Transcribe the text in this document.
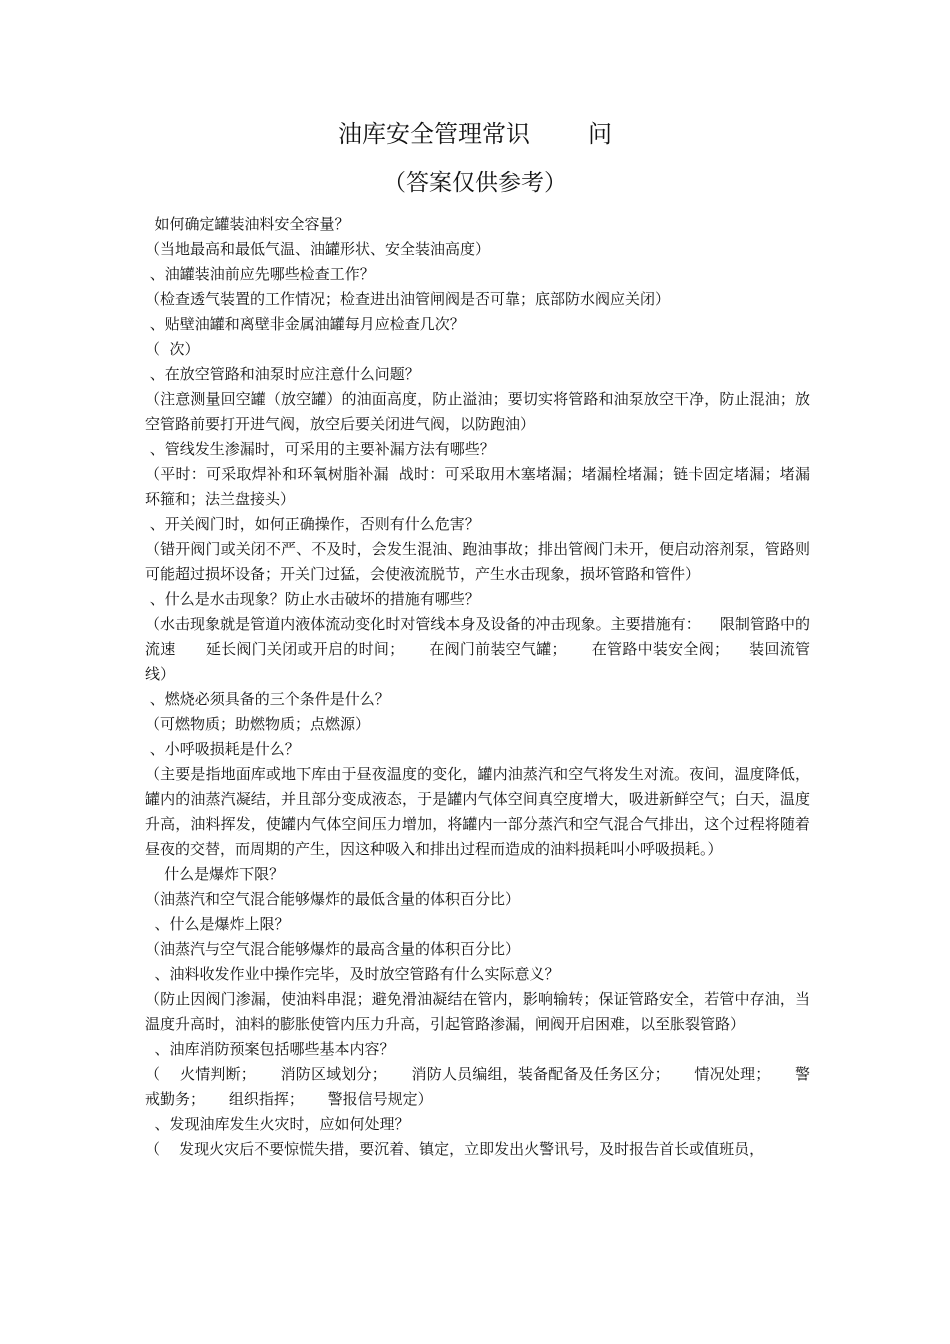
油库安全管理常识 问
（答案仅供参考）

如何确定罐装油料安全容量？

（当地最高和最低气温、油罐形状、安全装油高度）

、油罐装油前应先哪些检查工作？

（检查透气装置的工作情况；检查进出油管闸阀是否可靠；底部防水阀应关闭）

、贴壁油罐和离壁非金属油罐每月应检查几次？

（  次）

、在放空管路和油泵时应注意什么问题？

（注意测量回空罐（放空罐）的油面高度，防止溢油；要切实将管路和油泵放空干净，防止混油；放空管路前要打开进气阀，放空后要关闭进气阀，以防跑油）

、管线发生渗漏时，可采用的主要补漏方法有哪些？

（平时：可采取焊补和环氧树脂补漏  战时：可采取用木塞堵漏；堵漏栓堵漏；链卡固定堵漏；堵漏环箍和；法兰盘接头）

、开关阀门时，如何正确操作，否则有什么危害？

（错开阀门或关闭不严、不及时，会发生混油、跑油事故；排出管阀门未开，便启动溶剂泵，管路则可能超过损坏设备；开关门过猛，会使液流脱节，产生水击现象，损坏管路和管件）

、什么是水击现象？防止水击破坏的措施有哪些？

（水击现象就是管道内液体流动变化时对管线本身及设备的冲击现象。主要措施有：    限制管路中的流速      延长阀门关闭或开启的时间；     在阀门前装空气罐；     在管路中装安全阀；    装回流管线）

、燃烧必须具备的三个条件是什么？

（可燃物质；助燃物质；点燃源）

、小呼吸损耗是什么？

（主要是指地面库或地下库由于昼夜温度的变化，罐内油蒸汽和空气将发生对流。夜间，温度降低，罐内的油蒸汽凝结，并且部分变成液态，于是罐内气体空间真空度增大，吸进新鲜空气；白天，温度升高，油料挥发，使罐内气体空间压力增加，将罐内一部分蒸汽和空气混合气排出，这个过程将随着昼夜的交替，而周期的产生，因这种吸入和排出过程而造成的油料损耗叫小呼吸损耗。）

什么是爆炸下限？

（油蒸汽和空气混合能够爆炸的最低含量的体积百分比）

、什么是爆炸上限？

（油蒸汽与空气混合能够爆炸的最高含量的体积百分比）

、油料收发作业中操作完毕，及时放空管路有什么实际意义？

（防止因阀门渗漏，使油料串混；避免滑油凝结在管内，影响输转；保证管路安全，若管中存油，当温度升高时，油料的膨胀使管内压力升高，引起管路渗漏，闸阀开启困难，以至胀裂管路）

、油库消防预案包括哪些基本内容？

（    火情判断；     消防区域划分；     消防人员编组，装备配备及任务区分；     情况处理；     警戒勤务；     组织指挥；     警报信号规定）

、发现油库发生火灾时，应如何处理？

（    发现火灾后不要惊慌失措，要沉着、镇定，立即发出火警讯号，及时报告首长或值班员，
